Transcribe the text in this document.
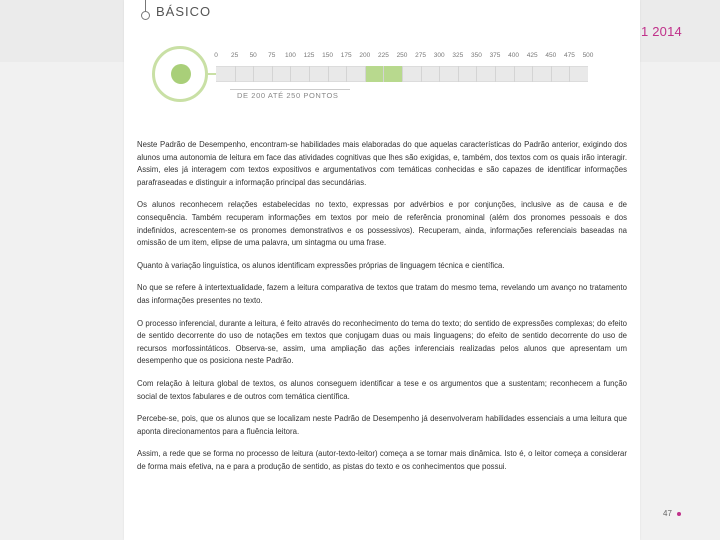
BÁSICO
1 2014
0 25 50 75 100 125 150 175 200 225 250 275 300 325 350 375 400 425 450 475 500
DE 200 ATÉ 250 PONTOS

Neste Padrão de Desempenho, encontram-se habilidades mais elaboradas do que aquelas características do Padrão anterior, exigindo dos alunos uma autonomia de leitura em face das atividades cognitivas que lhes são exigidas, e, também, dos textos com os quais irão interagir. Assim, eles já interagem com textos expositivos e argumentativos com temáticas conhecidas e são capazes de identificar informações parafraseadas e distinguir a informação principal das secundárias.

Os alunos reconhecem relações estabelecidas no texto, expressas por advérbios e por conjunções, inclusive as de causa e de consequência. Também recuperam informações em textos por meio de referência pronominal (além dos pronomes pessoais e dos indefinidos, acrescentem-se os pronomes demonstrativos e os possessivos). Recuperam, ainda, informações referenciais baseadas na omissão de um item, elipse de uma palavra, um sintagma ou uma frase.

Quanto à variação linguística, os alunos identificam expressões próprias de linguagem técnica e científica.

No que se refere à intertextualidade, fazem a leitura comparativa de textos que tratam do mesmo tema, revelando um avanço no tratamento das informações presentes no texto.

O processo inferencial, durante a leitura, é feito através do reconhecimento do tema do texto; do sentido de expressões complexas; do efeito de sentido decorrente do uso de notações em textos que conjugam duas ou mais linguagens; do efeito de sentido decorrente do uso de recursos morfossintáticos. Observa-se, assim, uma ampliação das ações inferenciais realizadas pelos alunos que apresentam um desempenho que os posiciona neste Padrão.

Com relação à leitura global de textos, os alunos conseguem identificar a tese e os argumentos que a sustentam; reconhecem a função social de textos fabulares e de outros com temática científica.

Percebe-se, pois, que os alunos que se localizam neste Padrão de Desempenho já desenvolveram habilidades essenciais a uma leitura que aponta direcionamentos para a fluência leitora.

Assim, a rede que se forma no processo de leitura (autor-texto-leitor) começa a se tornar mais dinâmica. Isto é, o leitor começa a considerar de forma mais efetiva, na e para a produção de sentido, as pistas do texto e os conhecimentos que possui.

47
